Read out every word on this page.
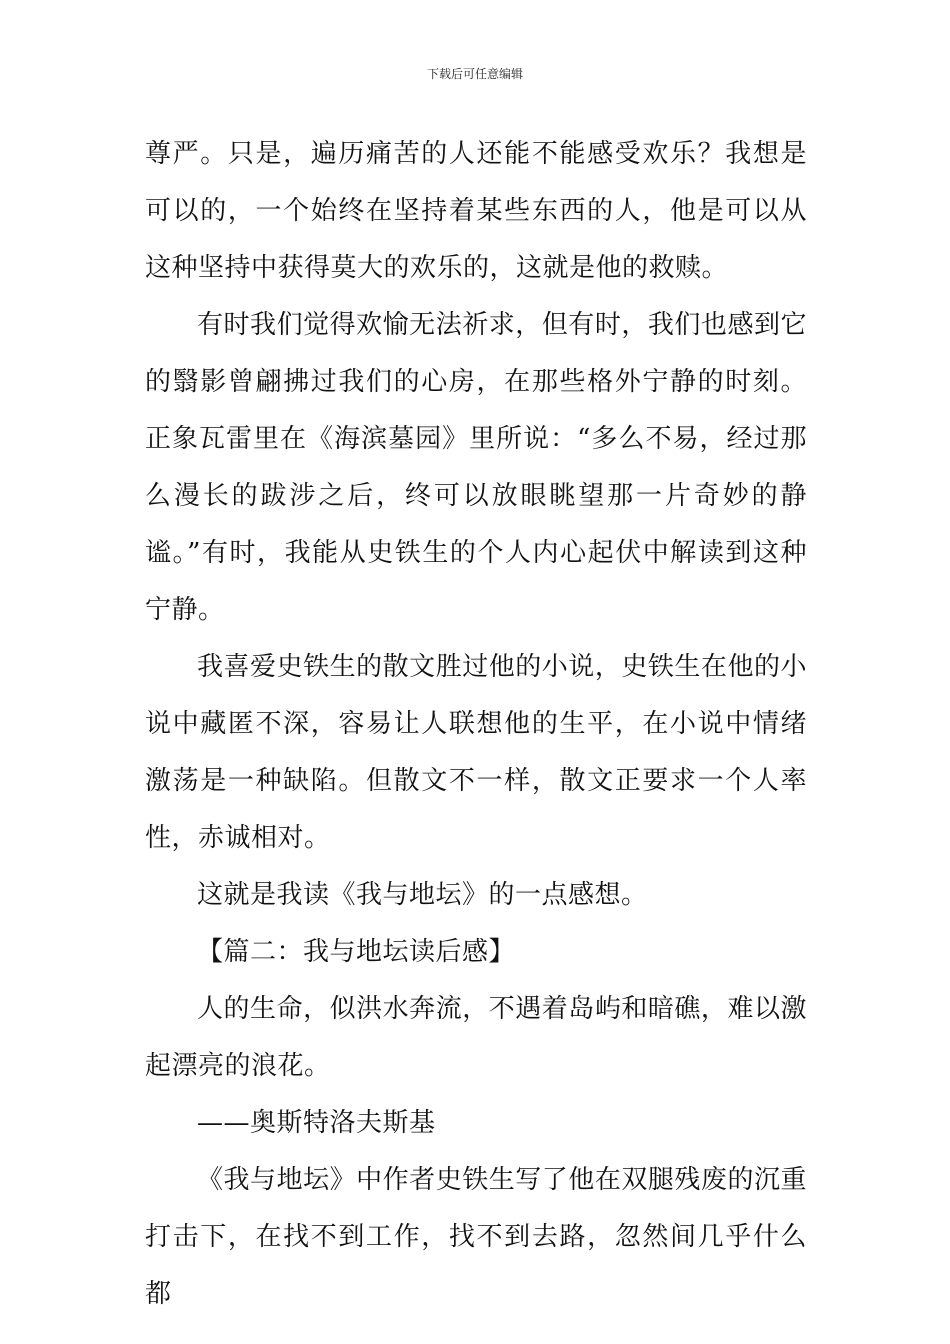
下载后可任意编辑

尊严。只是，遍历痛苦的人还能不能感受欢乐？我想是可以的，一个始终在坚持着某些东西的人，他是可以从这种坚持中获得莫大的欢乐的，这就是他的救赎。

有时我们觉得欢愉无法祈求，但有时，我们也感到它的翳影曾翩拂过我们的心房，在那些格外宁静的时刻。正象瓦雷里在《海滨墓园》里所说：“多么不易，经过那么漫长的跋涉之后，终可以放眼眺望那一片奇妙的静谧。”有时，我能从史铁生的个人内心起伏中解读到这种宁静。

我喜爱史铁生的散文胜过他的小说，史铁生在他的小说中藏匿不深，容易让人联想他的生平，在小说中情绪激荡是一种缺陷。但散文不一样，散文正要求一个人率性，赤诚相对。

这就是我读《我与地坛》的一点感想。

【篇二：我与地坛读后感】

人的生命，似洪水奔流，不遇着岛屿和暗礁，难以激起漂亮的浪花。

——奥斯特洛夫斯基

《我与地坛》中作者史铁生写了他在双腿残废的沉重打击下，在找不到工作，找不到去路，忽然间几乎什么都
